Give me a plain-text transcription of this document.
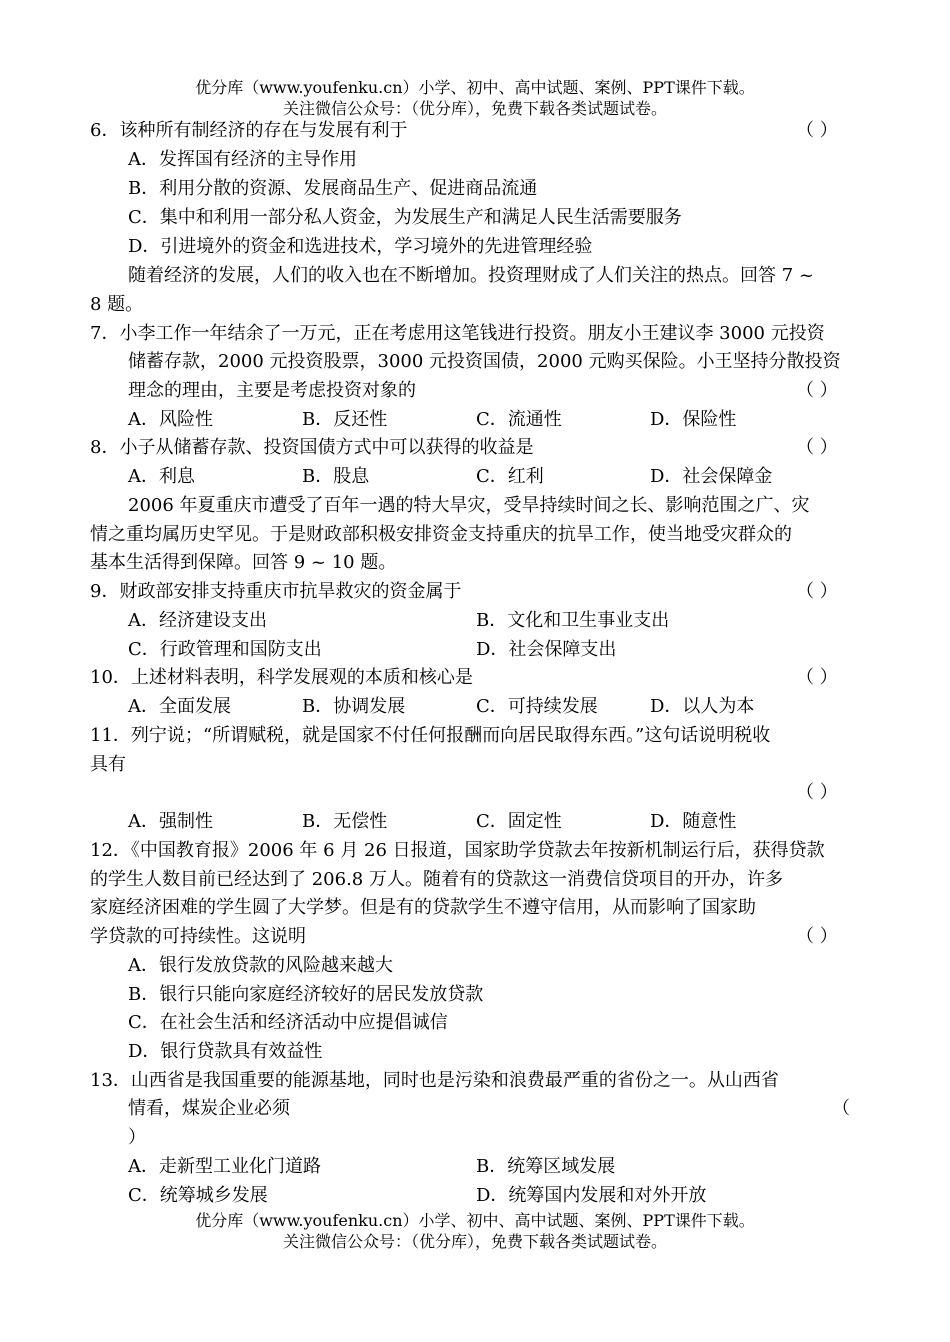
优分库（www.youfenku.cn）小学、初中、高中试题、案例、PPT课件下载。
关注微信公众号：（优分库），免费下载各类试题试卷。
6．该种所有制经济的存在与发展有利于	（ ）
A．发挥国有经济的主导作用
B．利用分散的资源、发展商品生产、促进商品流通
C．集中和利用一部分私人资金，为发展生产和满足人民生活需要服务
D．引进境外的资金和选进技术，学习境外的先进管理经验
随着经济的发展，人们的收入也在不断增加。投资理财成了人们关注的热点。回答 7 ~
8 题。
7．小李工作一年结余了一万元，正在考虑用这笔钱进行投资。朋友小王建议李 3000 元投资
储蓄存款，2000 元投资股票，3000 元投资国债，2000 元购买保险。小王坚持分散投资
理念的理由，主要是考虑投资对象的	（ ）
A．风险性	B．反还性	C．流通性	D．保险性
8．小子从储蓄存款、投资国债方式中可以获得的收益是	（ ）
A．利息	B．股息	C．红利	D．社会保障金
2006 年夏重庆市遭受了百年一遇的特大旱灾，受旱持续时间之长、影响范围之广、灾
情之重均属历史罕见。于是财政部积极安排资金支持重庆的抗旱工作，使当地受灾群众的
基本生活得到保障。回答 9 ~ 10 题。
9．财政部安排支持重庆市抗旱救灾的资金属于	（ ）
A．经济建设支出	B．文化和卫生事业支出
C．行政管理和国防支出	D．社会保障支出
10．上述材料表明，科学发展观的本质和核心是	（ ）
A．全面发展	B．协调发展	C．可持续发展	D．以人为本
11．列宁说；“所谓赋税，就是国家不付任何报酬而向居民取得东西。”这句话说明税收
具有
（ ）
A．强制性	B．无偿性	C．固定性	D．随意性
12．《中国教育报》2006 年 6 月 26 日报道，国家助学贷款去年按新机制运行后，获得贷款
的学生人数目前已经达到了 206.8 万人。随着有的贷款这一消费信贷项目的开办，许多
家庭经济困难的学生圆了大学梦。但是有的贷款学生不遵守信用，从而影响了国家助
学贷款的可持续性。这说明	（ ）
A．银行发放贷款的风险越来越大
B．银行只能向家庭经济较好的居民发放贷款
C．在社会生活和经济活动中应提倡诚信
D．银行贷款具有效益性
13．山西省是我国重要的能源基地，同时也是污染和浪费最严重的省份之一。从山西省
情看，煤炭企业必须	（
）
A．走新型工业化门道路	B．统筹区域发展
C．统筹城乡发展	D．统筹国内发展和对外开放
优分库（www.youfenku.cn）小学、初中、高中试题、案例、PPT课件下载。
关注微信公众号：（优分库），免费下载各类试题试卷。
